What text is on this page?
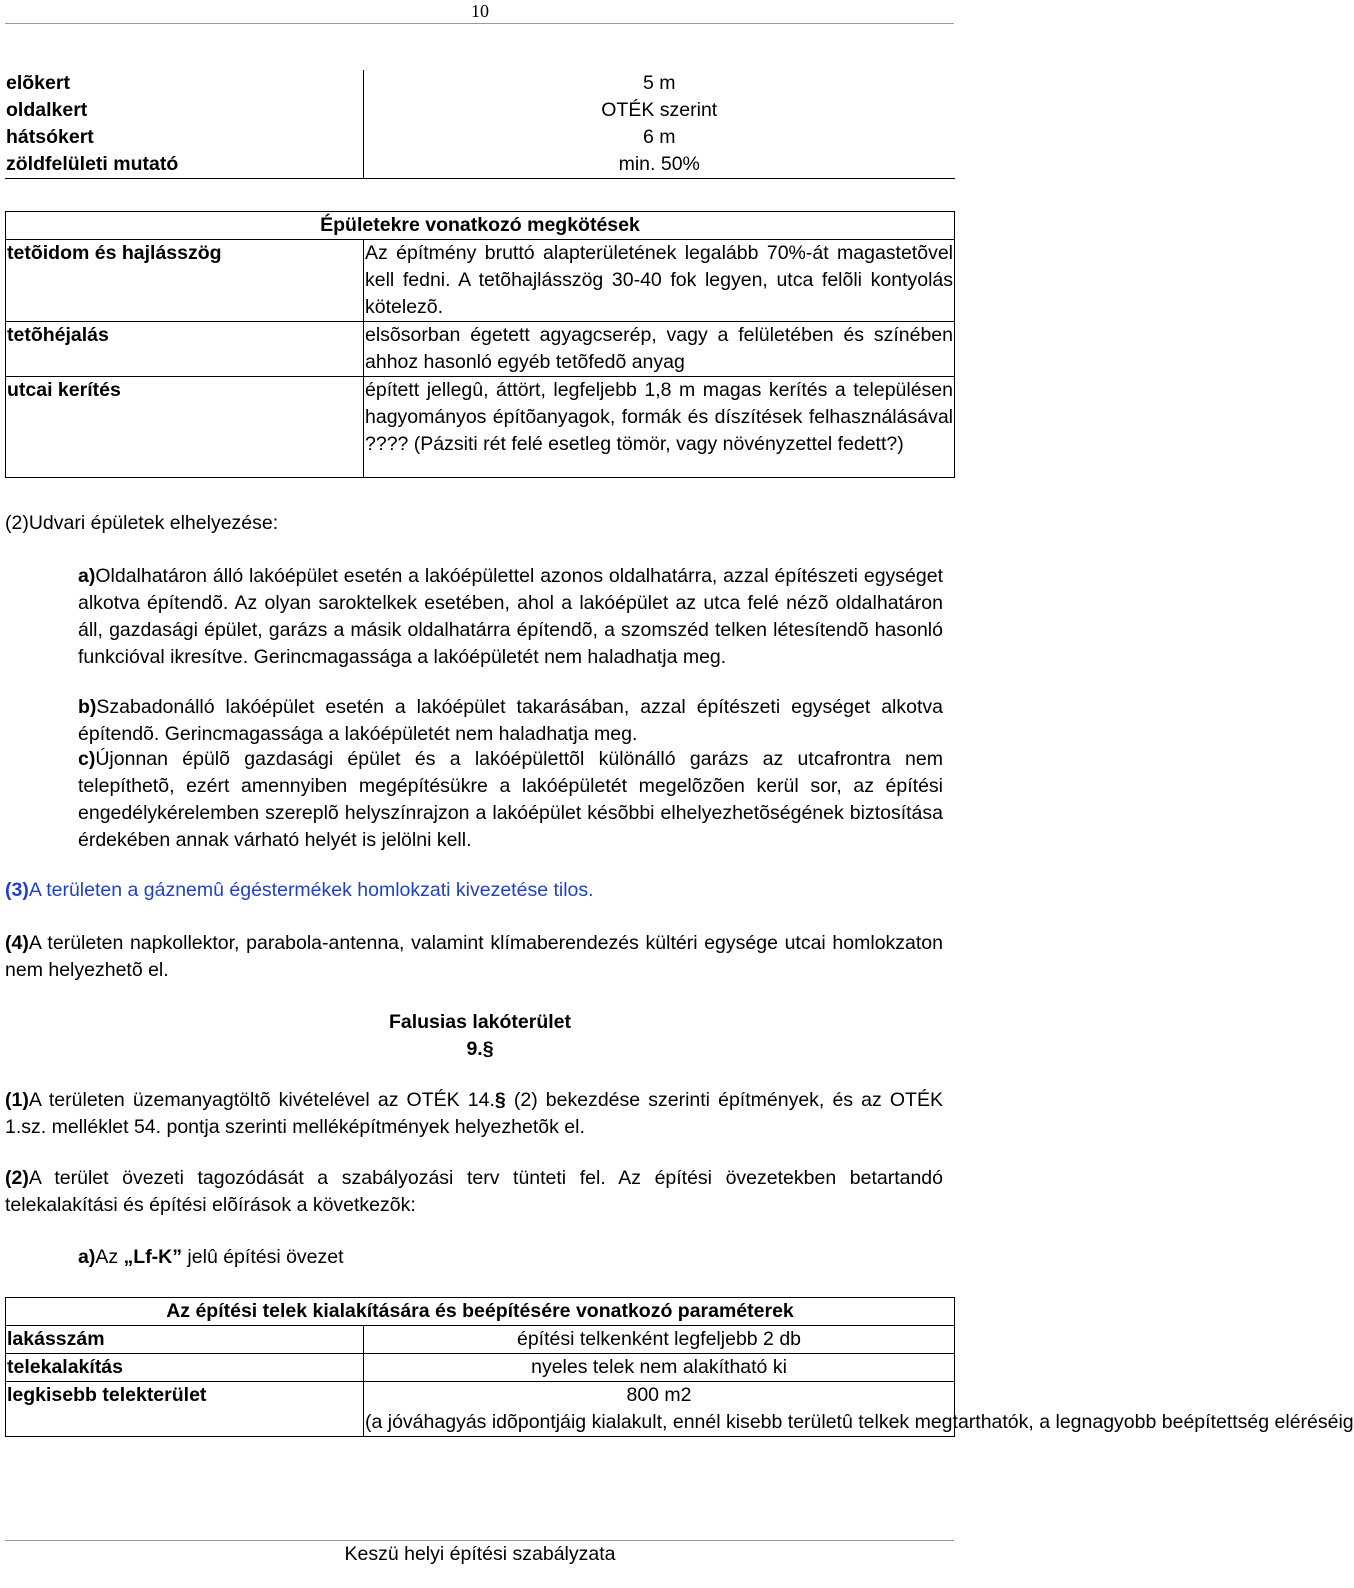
10
elõkert	5 m
oldalkert	OTÉK szerint
hátsókert	6 m
zöldfelületi mutató	min. 50%
Épületekre vonatkozó megkötések	
tetõidom és hajlásszög	Az építmény bruttó alapterületének legalább 70%-át magastetõvel kell fedni. A tetõhajlásszög 30-40 fok legyen, utca felõli kontyolás kötelezõ.
tetõhéjalás	elsõsorban égetett agyagcserép, vagy a felületében és színében ahhoz hasonló egyéb tetõfedõ anyag
utcai kerítés	épített jellegû, áttört, legfeljebb 1,8 m magas kerítés a településen hagyományos építõanyagok, formák és díszítések felhasználásával ???? (Pázsiti rét felé esetleg tömör, vagy növényzettel fedett?)
(2)Udvari épületek elhelyezése:
a)Oldalhatáron álló lakóépület esetén a lakóépülettel azonos oldalhatárra, azzal építészeti egységet alkotva építendõ. Az olyan saroktelkek esetében, ahol a lakóépület az utca felé nézõ oldalhatáron áll, gazdasági épület, garázs a másik oldalhatárra építendõ, a szomszéd telken létesítendõ hasonló funkcióval ikresítve. Gerincmagassága a lakóépületét nem haladhatja meg.
b)Szabadonálló lakóépület esetén a lakóépület takarásában, azzal építészeti egységet alkotva építendõ. Gerincmagassága a lakóépületét nem haladhatja meg.
c)Újonnan épülõ gazdasági épület és a lakóépülettõl különálló garázs az utcafrontra nem telepíthetõ, ezért amennyiben megépítésükre a lakóépületét megelõzõen kerül sor, az építési engedélykérelemben szereplõ helyszínrajzon a lakóépület késõbbi elhelyezhetõségének biztosítása érdekében annak várható helyét is jelölni kell.
(3)A területen a gáznemû égéstermékek homlokzati kivezetése tilos.
(4)A területen napkollektor, parabola-antenna, valamint klímaberendezés kültéri egysége utcai homlokzaton nem helyezhetõ el.
Falusias lakóterület
9.§
(1)A területen üzemanyagtöltõ kivételével az OTÉK 14.§ (2) bekezdése szerinti építmények, és az OTÉK 1.sz. melléklet 54. pontja szerinti melléképítmények helyezhetõk el.
(2)A terület övezeti tagozódását a szabályozási terv tünteti fel. Az építési övezetekben betartandó telekalakítási és építési elõírások a következõk:
a)Az „Lf-K” jelû építési övezet
Az építési telek kialakítására és beépítésére vonatkozó paraméterek	
lakásszám	építési telkenként legfeljebb 2 db
telekalakítás	nyeles telek nem alakítható ki
legkisebb telekterület	800 m2
(a jóváhagyás idõpontjáig kialakult, ennél kisebb területû telkek megtarthatók, a legnagyobb beépítettség eléréséig
Keszü helyi építési szabályzata
